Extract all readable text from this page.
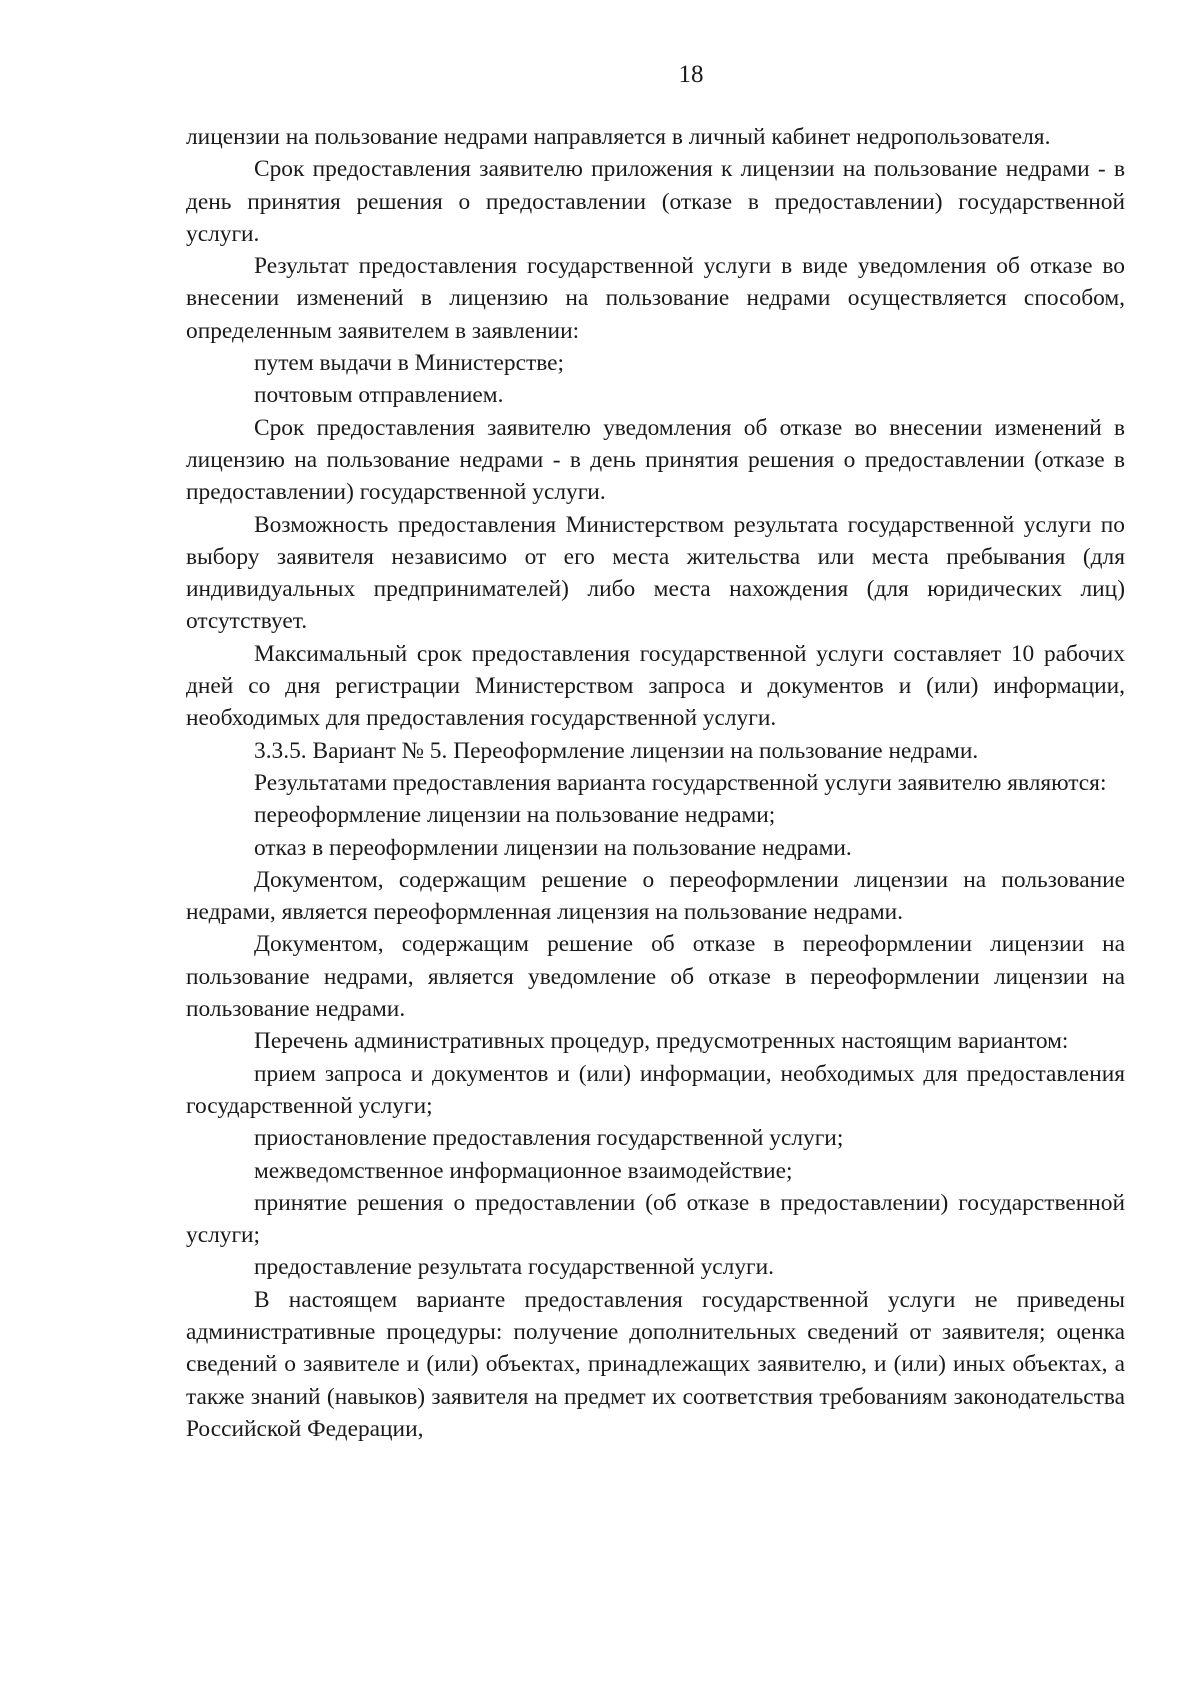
18

лицензии на пользование недрами направляется в личный кабинет недропользователя.

Срок предоставления заявителю приложения к лицензии на пользование недрами - в день принятия решения о предоставлении (отказе в предоставлении) государственной услуги.

Результат предоставления государственной услуги в виде уведомления об отказе во внесении изменений в лицензию на пользование недрами осуществляется способом, определенным заявителем в заявлении:

путем выдачи в Министерстве;

почтовым отправлением.

Срок предоставления заявителю уведомления об отказе во внесении изменений в лицензию на пользование недрами - в день принятия решения о предоставлении (отказе в предоставлении) государственной услуги.

Возможность предоставления Министерством результата государственной услуги по выбору заявителя независимо от его места жительства или места пребывания (для индивидуальных предпринимателей) либо места нахождения (для юридических лиц) отсутствует.

Максимальный срок предоставления государственной услуги составляет 10 рабочих дней со дня регистрации Министерством запроса и документов и (или) информации, необходимых для предоставления государственной услуги.

3.3.5. Вариант № 5. Переоформление лицензии на пользование недрами.

Результатами предоставления варианта государственной услуги заявителю являются:

переоформление лицензии на пользование недрами;

отказ в переоформлении лицензии на пользование недрами.

Документом, содержащим решение о переоформлении лицензии на пользование недрами, является переоформленная лицензия на пользование недрами.

Документом, содержащим решение об отказе в переоформлении лицензии на пользование недрами, является уведомление об отказе в переоформлении лицензии на пользование недрами.

Перечень административных процедур, предусмотренных настоящим вариантом:

прием запроса и документов и (или) информации, необходимых для предоставления государственной услуги;

приостановление предоставления государственной услуги;

межведомственное информационное взаимодействие;

принятие решения о предоставлении (об отказе в предоставлении) государственной услуги;

предоставление результата государственной услуги.

В настоящем варианте предоставления государственной услуги не приведены административные процедуры: получение дополнительных сведений от заявителя; оценка сведений о заявителе и (или) объектах, принадлежащих заявителю, и (или) иных объектах, а также знаний (навыков) заявителя на предмет их соответствия требованиям законодательства Российской Федерации,
